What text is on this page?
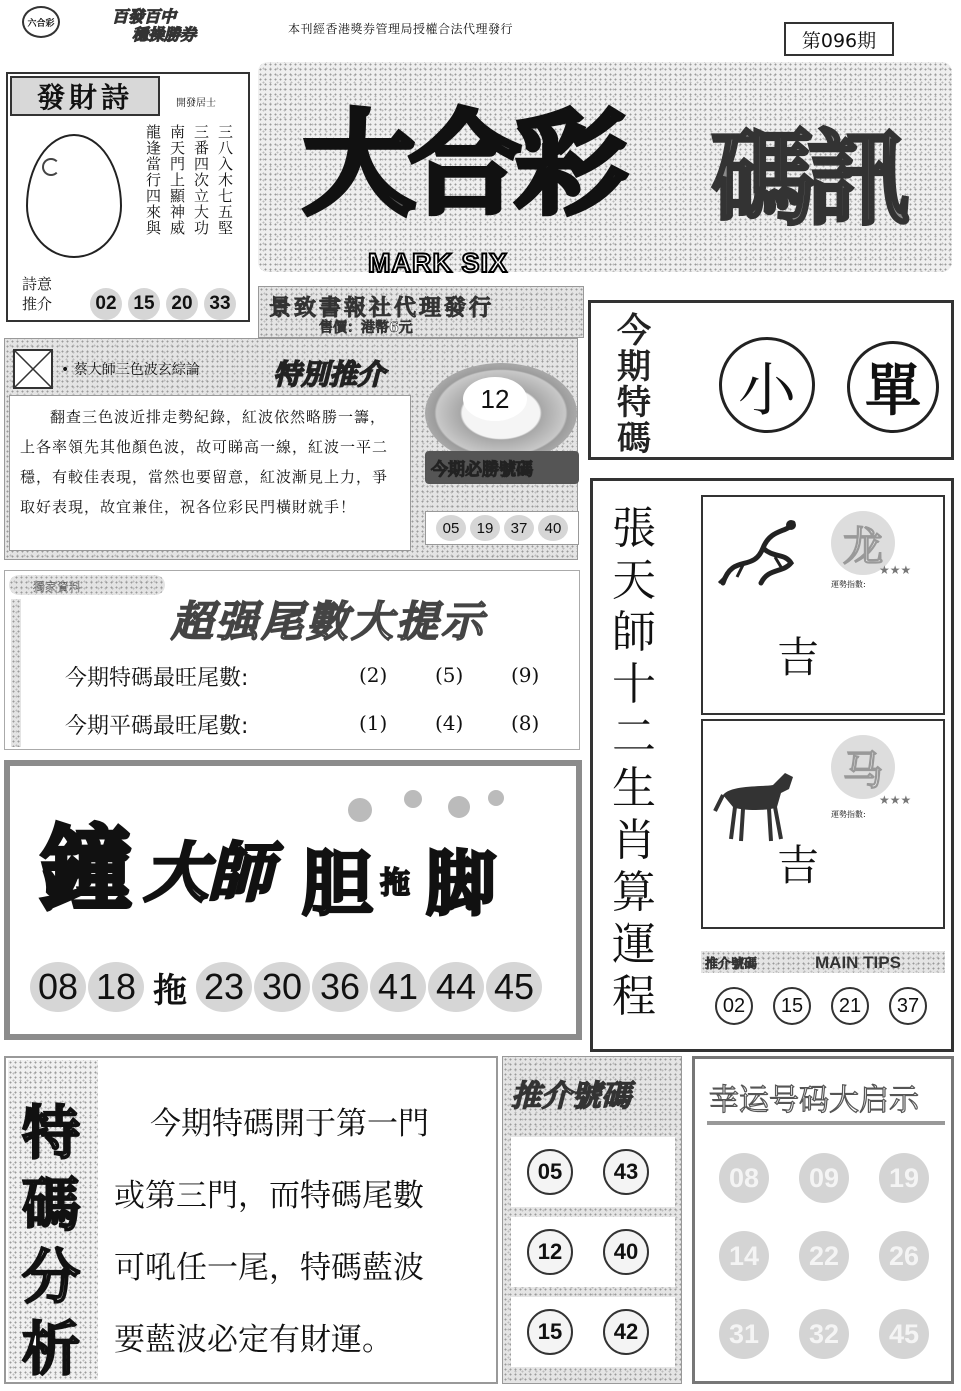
六合彩	百發百中
穩操勝券	本刊經香港獎券管理局授權合法代理發行
第096期
發財詩	開發居士
三八入木七五堅
三番四次立大功
南天門上顯神威
龍逢當行四來與
詩意推介	02 15 20 33
大合彩 碼訊
MARK SIX
景致書報社代理發行
售價：港幣6元	今期特碼
小	單
• 蔡大師三色波玄綜論	特別推介
翻查三色波近排走勢紀錄，紅波依然略勝一籌，上各率領先其他顏色波，故可睇高一線，紅波一平二穩，有較佳表現，當然也要留意，紅波漸見上力，爭取好表現，故宜兼住，祝各位彩民門橫財就手！
12
今期必勝號碼
05	19	37	40
獨家資料
超强尾數大提示
今期特碼最旺尾數:	(2) (5) (9)
今期平碼最旺尾數:	(1) (4) (8)
鐘 大師 胆 拖 脚
08 18 拖 23 30 36 41 44 45
張天師十二生肖算運程
龙
運勢指數:
★★★
吉
马
運勢指數:
★★★
吉
推介號碼	MAIN TIPS
02	15	21	37
特
碼
分
析
今期特碼開于第一門
或第三門，而特碼尾數
可吼任一尾，特碼藍波
要藍波必定有財運。
推介號碼
05	43
12	40
15	42
幸运号码大启示
08	09	19
14	22	26
31	32	45
